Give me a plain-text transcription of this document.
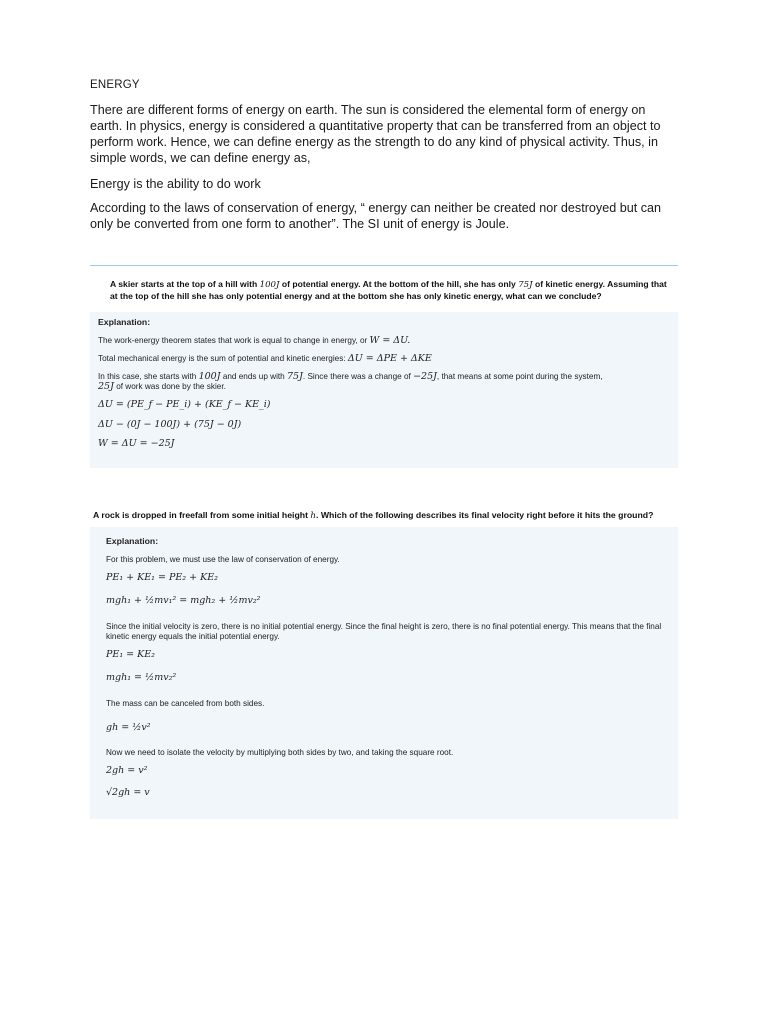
ENERGY
There are different forms of energy on earth. The sun is considered the elemental form of energy on earth. In physics, energy is considered a quantitative property that can be transferred from an object to perform work. Hence, we can define energy as the strength to do any kind of physical activity. Thus, in simple words, we can define energy as,
Energy is the ability to do work
According to the laws of conservation of energy, “ energy can neither be created nor destroyed but can only be converted from one form to another”. The SI unit of energy is Joule.
A skier starts at the top of a hill with 100J of potential energy. At the bottom of the hill, she has only 75J of kinetic energy. Assuming that at the top of the hill she has only potential energy and at the bottom she has only kinetic energy, what can we conclude?
Explanation:
The work-energy theorem states that work is equal to change in energy, or W = ΔU.
Total mechanical energy is the sum of potential and kinetic energies: ΔU = ΔPE + ΔKE
In this case, she starts with 100J and ends up with 75J. Since there was a change of −25J, that means at some point during the system,
25J of work was done by the skier.
ΔU = (PE_f − PE_i) + (KE_f − KE_i)
ΔU − (0J − 100J) + (75J − 0J)
W = ΔU = −25J
A rock is dropped in freefall from some initial height h. Which of the following describes its final velocity right before it hits the ground?
Explanation:
For this problem, we must use the law of conservation of energy.
PE₁ + KE₁ = PE₂ + KE₂
mgh₁ + ½mv₁² = mgh₂ + ½mv₂²
Since the initial velocity is zero, there is no initial potential energy. Since the final height is zero, there is no final potential energy. This means that the final kinetic energy equals the initial potential energy.
PE₁ = KE₂
mgh₁ = ½mv₂²
The mass can be canceled from both sides.
gh = ½v²
Now we need to isolate the velocity by multiplying both sides by two, and taking the square root.
2gh = v²
√2gh = v
